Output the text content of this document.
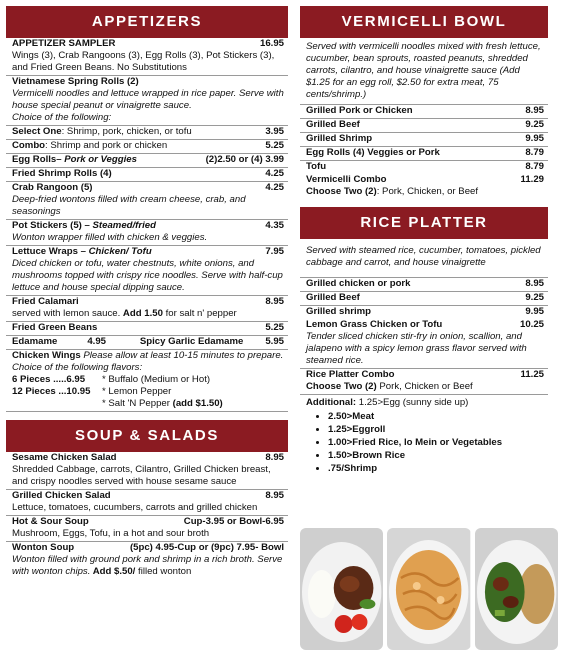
APPETIZERS
APPETIZER SAMPLER	16.95
Wings (3), Crab Rangoons (3), Egg Rolls (3), Pot Stickers (3), and Fried Green Beans. No Substitutions
Vietnamese Spring Rolls (2)
Vermicelli noodles and lettuce wrapped in rice paper. Serve with house special peanut or vinaigrette sauce.
Choice of the following:
Select One: Shrimp, pork, chicken, or tofu	3.95
Combo: Shrimp and pork or chicken	5.25
Egg Rolls– Pork or Veggies	(2)2.50 or (4) 3.99
Fried Shrimp Rolls (4)	4.25
Crab Rangoon (5)	4.25
Deep-fried wontons filled with cream cheese, crab, and seasonings
Pot Stickers (5) – Steamed/fried	4.35
Wonton wrapper filled with chicken & veggies.
Lettuce Wraps – Chicken/ Tofu	7.95
Diced chicken or tofu, water chestnuts, white onions, and mushrooms topped with crispy rice noodles. Serve with half-cup lettuce and house special dipping sauce.
Fried Calamari	8.95
served with lemon sauce. Add 1.50 for salt n' pepper
Fried Green Beans	5.25
Edamame	4.95	Spicy Garlic Edamame 5.95
Chicken Wings Please allow at least 10-15 minutes to prepare. Choice of the following flavors:
6 Pieces .....6.95	* Buffalo (Medium or Hot)
12 Pieces ...10.95	* Lemon Pepper
	* Salt 'N Pepper (add $1.50)
SOUP & SALADS
Sesame Chicken Salad	8.95
Shredded Cabbage, carrots, Cilantro, Grilled Chicken breast, and crispy noodles served with house sesame sauce
Grilled Chicken Salad	8.95
Lettuce, tomatoes, cucumbers, carrots and grilled chicken
Hot & Sour Soup	Cup-3.95 or Bowl-6.95
Mushroom, Eggs, Tofu, in a hot and sour broth
Wonton Soup	(5pc) 4.95-Cup or (9pc) 7.95- Bowl
Wonton filled with ground pork and shrimp in a rich broth. Serve with wonton chips. Add $.50/ filled wonton
VERMICELLI BOWL
Served with vermicelli noodles mixed with fresh lettuce, cucumber, bean sprouts, roasted peanuts, shredded carrots, cilantro, and house vinaigrette sauce (Add $1.25 for an egg roll, $2.50 for extra meat, 75 cents/shrimp.)
Grilled Pork or Chicken	8.95
Grilled Beef	9.25
Grilled Shrimp	9.95
Egg Rolls (4) Veggies or Pork	8.79
Tofu	8.79
Vermicelli Combo	11.29
Choose Two (2): Pork, Chicken, or Beef
RICE PLATTER
Served with steamed rice, cucumber, tomatoes, pickled cabbage and carrot, and house vinaigrette
Grilled chicken or pork	8.95
Grilled Beef	9.25
Grilled shrimp	9.95
Lemon Grass Chicken or Tofu	10.25
Tender sliced chicken stir-fry in onion, scallion, and jalapeno with a spicy lemon grass flavor served with steamed rice.
Rice Platter Combo	11.25
Choose Two (2) Pork, Chicken or Beef
Additional: 1.25>Egg (sunny side up)
• 2.50>Meat
• 1.25>Eggroll
• 1.00>Fried Rice, lo Mein or Vegetables
• 1.50>Brown Rice
• .75/Shrimp
